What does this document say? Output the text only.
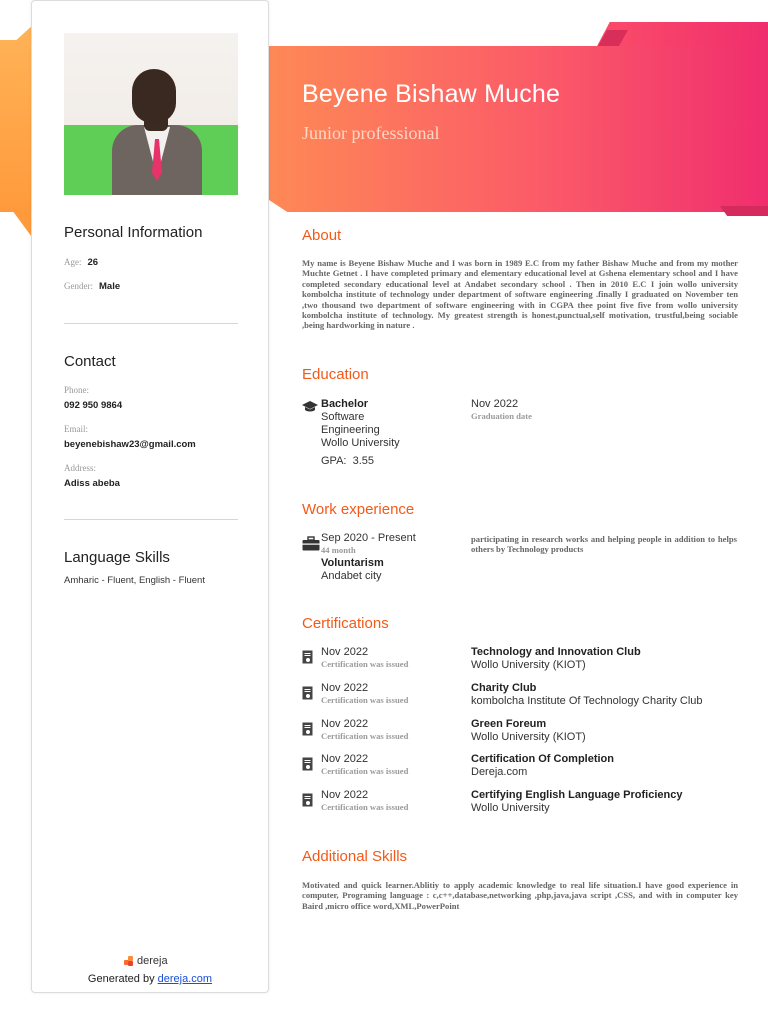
Beyene Bishaw Muche
Junior professional
Personal Information
Age: 26
Gender: Male
Contact
Phone:
092 950 9864
Email:
beyenebishaw23@gmail.com
Address:
Adiss abeba
Language Skills
Amharic - Fluent, English - Fluent
dereja
Generated by dereja.com
About
My name is Beyene Bishaw Muche and I was born in 1989 E.C from my father Bishaw Muche and from my mother Muchte Getnet . I have completed primary and elementary educational level at Gshena elementary school and I have completed secondary educational level at Andabet secondary school . Then in 2010 E.C I join wollo university kombolcha institute of technology under department of software engineering .finally I graduated on November ten ,two thousand two department of software engineering with in CGPA thee point five five from wollo university kombolcha institute of technology. My greatest strength is honest,punctual,self motivation, trustful,being sociable ,being hardworking in nature .
Education
Bachelor
Software
Engineering
Wollo University
GPA: 3.55
Nov 2022
Graduation date
Work experience
Sep 2020 - Present
44 month
Voluntarism
Andabet city
participating in research works and helping people in addition to helps others by Technology products
Certifications
Nov 2022
Certification was issued
Technology and Innovation Club
Wollo University (KIOT)
Nov 2022
Certification was issued
Charity Club
kombolcha Institute Of Technology Charity Club
Nov 2022
Certification was issued
Green Foreum
Wollo University (KIOT)
Nov 2022
Certification was issued
Certification Of Completion
Dereja.com
Nov 2022
Certification was issued
Certifying English Language Proficiency
Wollo University
Additional Skills
Motivated and quick learner.Ablitiy to apply academic knowledge to real life situation.I have good experience in computer, Programing language : c,c++,database,networking ,php,java,java script ,CSS, and with in computer key Baird ,micro office word,XML,PowerPoint
